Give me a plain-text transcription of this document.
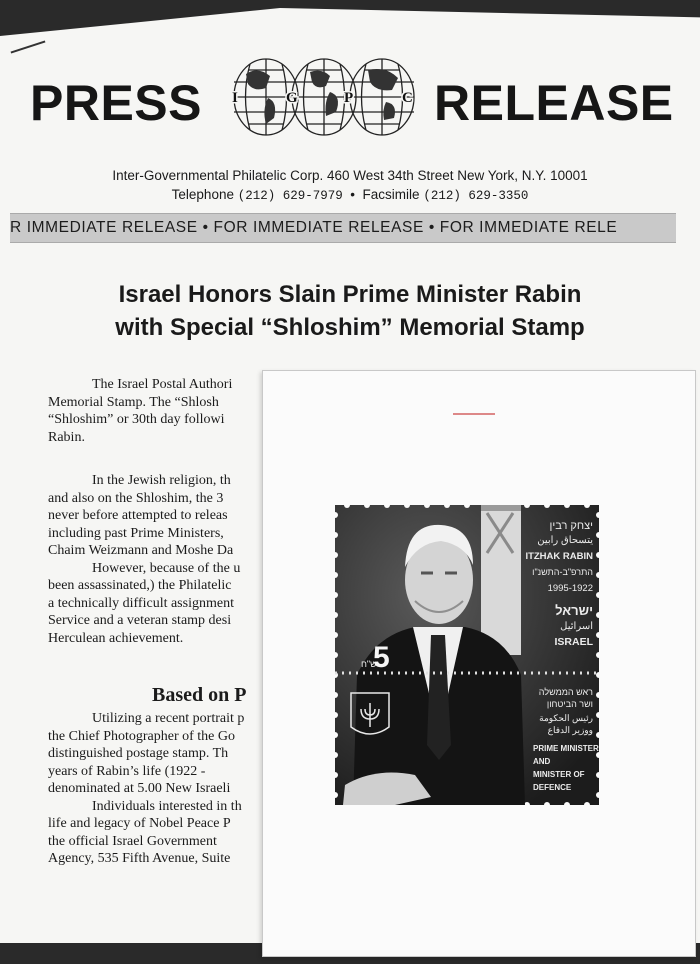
PRESS I	G	P	C RELEASE
Inter-Governmental Philatelic Corp. 460 West 34th Street New York, N.Y. 10001
Telephone (212) 629-7979  •  Facsimile (212) 629-3350
R IMMEDIATE RELEASE • FOR IMMEDIATE RELEASE • FOR IMMEDIATE RELE
Israel Honors Slain Prime Minister Rabin
with Special “Shloshim” Memorial Stamp
The Israel Postal Authori
Memorial Stamp. The “Shlosh
“Shloshim” or 30th day followi
Rabin.
In the Jewish religion, th
and also on the Shloshim, the 3
never before attempted to releas
including past Prime Ministers,
Chaim Weizmann and Moshe Da
However, because of the u
been assassinated,) the Philatelic
a technically difficult assignment
Service and a veteran stamp desi
Herculean achievement.
Based on P
Utilizing a recent portrait p
the Chief Photographer of the Go
distinguished postage stamp. Th
years of Rabin’s life (1922 -
denominated at 5.00 New Israeli
Individuals interested in th
life and legacy of Nobel Peace P
the official Israel Government
Agency, 535 Fifth Avenue, Suite
ש"ח
5
יצחק רבין
يتسحاق رابين
ITZHAK RABIN
התרפ"ב-התשנ"ו
1995-1922
ישראל
اسرائيل
ISRAEL
ראש הממשלה
ושר הביטחון
رئيس الحكومة
ووزير الدفاع
PRIME MINISTER
AND
MINISTER OF
DEFENCE
